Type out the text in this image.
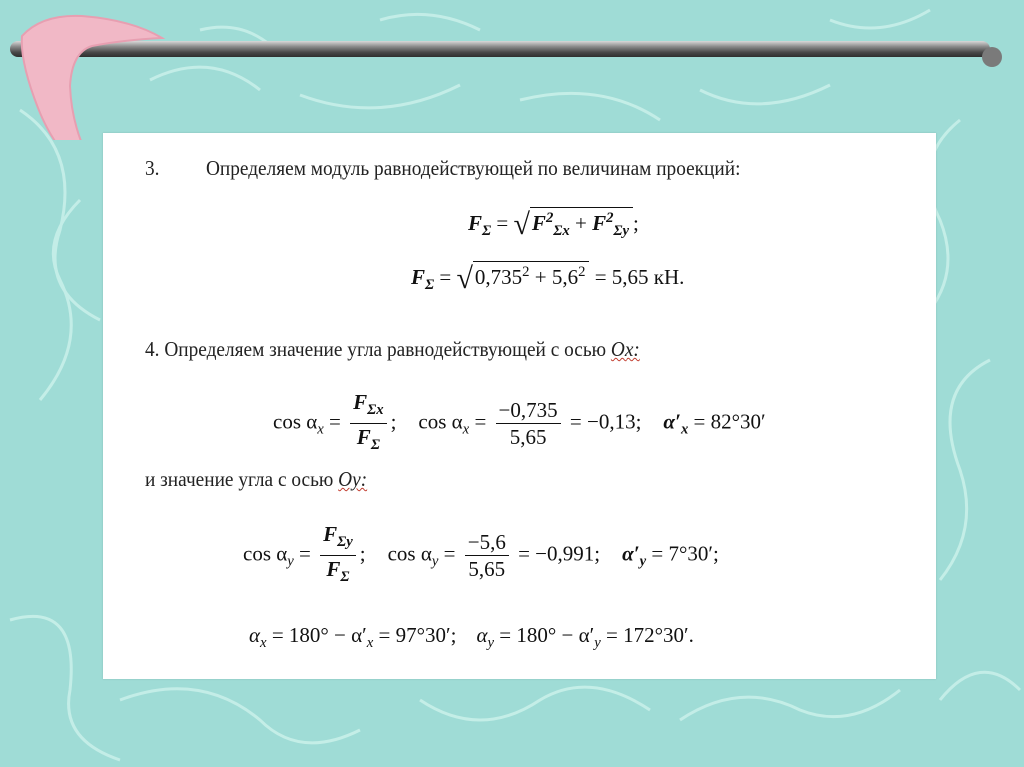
3. Определяем модуль равнодействующей по величинам проекций:
$F_\Sigma = √F^2_{\Sigma x} + F^2_{\Sigma y}$ ;
$F_\Sigma = √0,735^2 + 5,6^2 = 5,65$ кН.
4. Определяем значение угла равнодействующей с осью Ox:
$\cos \alpha_x = \frac{F_{\Sigma x}}{F_\Sigma}$ ; $\cos \alpha_x = \frac{-0,735}{5,65} = -0,13$; $\alpha'_x = 82^\circ 30'$
и значение угла с осью Oy:
$\cos \alpha_y = \frac{F_{\Sigma y}}{F_\Sigma}$ ; $\cos \alpha_y = \frac{-5,6}{5,65} = -0,991$; $\alpha'_y = 7^\circ 30'$;
$\alpha_x = 180^\circ - \alpha'_x = 97^\circ 30'$; $\alpha_y = 180^\circ - \alpha'_y = 172^\circ 30'$.
